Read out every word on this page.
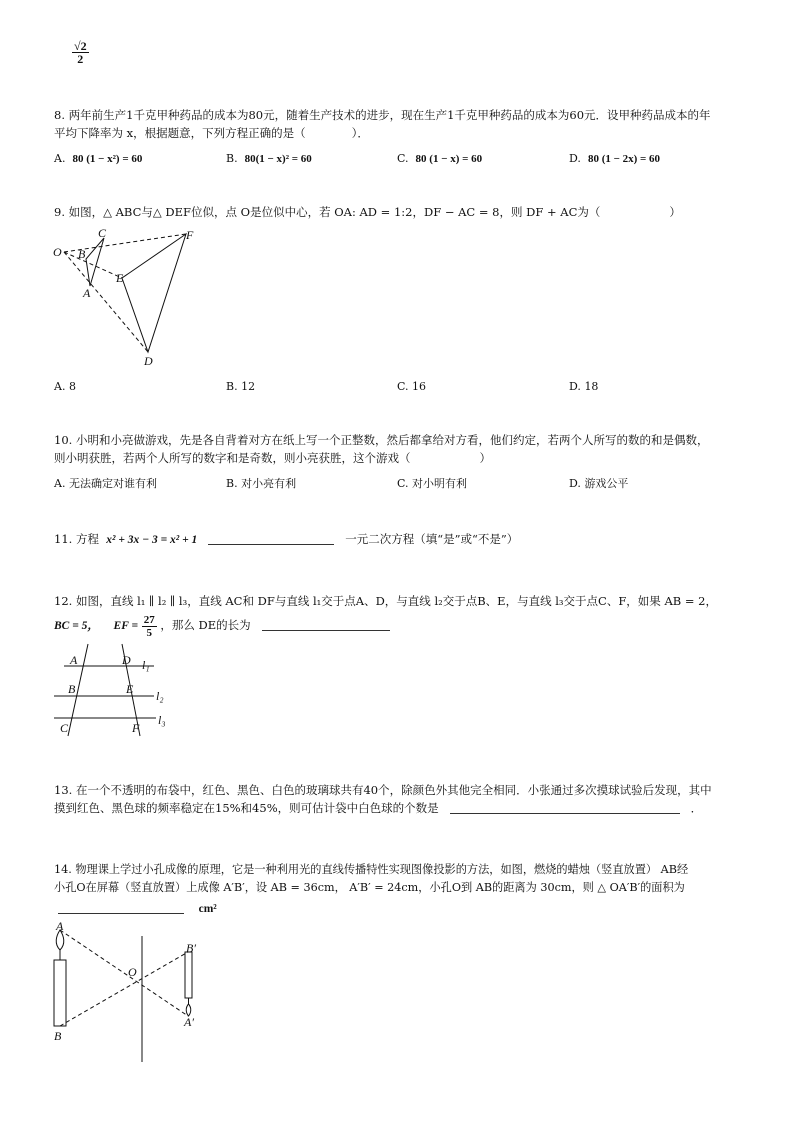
$\frac{√2}{2}$
8. 两年前生产1千克甲种药品的成本为80元，随着生产技术的进步，现在生产1千克甲种药品的成本为60元．设甲种药品成本的年
平均下降率为 x，根据题意，下列方程正确的是（　　　　）．
A. 80 (1 − x²) = 60	B. 80(1 − x)² = 60	C. 80 (1 − x) = 60	D. 80 (1 − 2x) = 60
9. 如图，△ ABC与△ DEF位似，点 O是位似中心，若 OA: AD = 1:2，DF − AC = 8，则 DF + AC为（　　　　　　）
O
C
B
A
E
F
D
A. 8	B. 12	C. 16	D. 18
10. 小明和小亮做游戏，先是各自背着对方在纸上写一个正整数，然后都拿给对方看，他们约定，若两个人所写的数的和是偶数，
则小明获胜，若两个人所写的数字和是奇数，则小亮获胜，这个游戏（　　　　　　）
A. 无法确定对谁有利	B. 对小亮有利	C. 对小明有利	D. 游戏公平
11. 方程 x² + 3x − 3 = x² + 1	一元二次方程（填“是”或“不是”）
12. 如图，直线 l₁ ∥ l₂ ∥ l₃，直线 AC和 DF与直线 l₁交于点A、D，与直线 l₂交于点B、E，与直线 l₃交于点C、F，如果 AB = 2，
BC = 5， EF = $\frac{27}{5}$ ，那么 DE的长为
A
B
C
D
E
F
l₁
l₂
l₃
13. 在一个不透明的布袋中，红色、黑色、白色的玻璃球共有40个，除颜色外其他完全相同．小张通过多次摸球试验后发现，其中
摸到红色、黑色球的频率稳定在15%和45%，则可估计袋中白色球的个数是	．
14. 物理课上学过小孔成像的原理，它是一种利用光的直线传播特性实现图像投影的方法，如图，燃烧的蜡烛（竖直放置） AB经
小孔O在屏幕（竖直放置）上成像 A′B′，设 AB = 36cm， A′B′ = 24cm，小孔O到 AB的距离为 30cm，则 △ OA′B′的面积为
cm²
A
B
O
B′
A′
